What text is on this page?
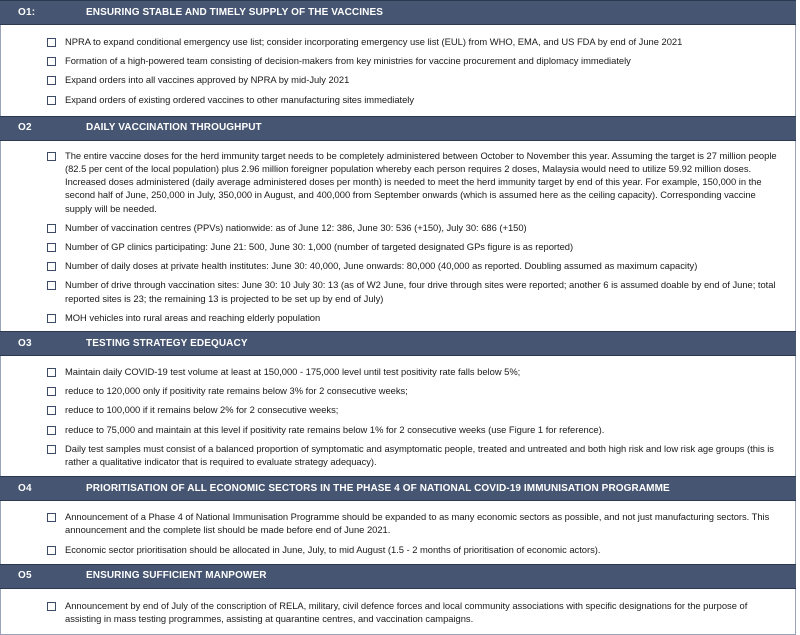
O1:	ENSURING STABLE AND TIMELY SUPPLY OF THE VACCINES
NPRA to expand conditional emergency use list; consider incorporating emergency use list (EUL) from WHO, EMA, and US FDA by end of June 2021
Formation of a high-powered team consisting of decision-makers from key ministries for vaccine procurement and diplomacy immediately
Expand orders into all vaccines approved by NPRA by mid-July 2021
Expand orders of existing ordered vaccines to other manufacturing sites immediately
O2	DAILY VACCINATION THROUGHPUT
The entire vaccine doses for the herd immunity target needs to be completely administered between October to November this year. Assuming the target is 27 million people (82.5 per cent of the local population) plus 2.96 million foreigner population whereby each person requires 2 doses, Malaysia would need to utilize 59.92 million doses. Increased doses administered (daily average administered doses per month) is needed to meet the herd immunity target by end of this year. For example, 150,000 in the second half of June, 250,000 in July, 350,000 in August, and 400,000 from September onwards (which is assumed here as the ceiling capacity). Corresponding vaccine supply will be needed.
Number of vaccination centres (PPVs) nationwide: as of June 12: 386, June 30: 536 (+150), July 30: 686 (+150)
Number of GP clinics participating: June 21: 500, June 30: 1,000 (number of targeted designated GPs figure is as reported)
Number of daily doses at private health institutes: June 30: 40,000, June onwards: 80,000 (40,000 as reported. Doubling assumed as maximum capacity)
Number of drive through vaccination sites: June 30: 10 July 30: 13 (as of W2 June, four drive through sites were reported; another 6 is assumed doable by end of June; total reported sites is 23; the remaining 13 is projected to be set up by end of July)
MOH vehicles into rural areas and reaching elderly population
O3	TESTING STRATEGY EDEQUACY
Maintain daily COVID-19 test volume at least at 150,000 - 175,000 level until test positivity rate falls below 5%;
reduce to 120,000 only if positivity rate remains below 3% for 2 consecutive weeks;
reduce to 100,000 if it remains below 2% for 2 consecutive weeks;
reduce to 75,000 and maintain at this level if positivity rate remains below 1% for 2 consecutive weeks (use Figure 1 for reference).
Daily test samples must consist of a balanced proportion of symptomatic and asymptomatic people, treated and untreated and both high risk and low risk age groups (this is rather a qualitative indicator that is required to evaluate strategy adequacy).
O4	PRIORITISATION OF ALL ECONOMIC SECTORS IN THE PHASE 4 OF NATIONAL COVID-19 IMMUNISATION PROGRAMME
Announcement of a Phase 4 of National Immunisation Programme should be expanded to as many economic sectors as possible, and not just manufacturing sectors. This announcement and the complete list should be made before end of June 2021.
Economic sector prioritisation should be allocated in June, July, to mid August (1.5 - 2 months of prioritisation of economic actors).
O5	ENSURING SUFFICIENT MANPOWER
Announcement by end of July of the conscription of RELA, military, civil defence forces and local community associations with specific designations for the purpose of assisting in mass testing programmes, assisting at quarantine centres, and vaccination campaigns.
